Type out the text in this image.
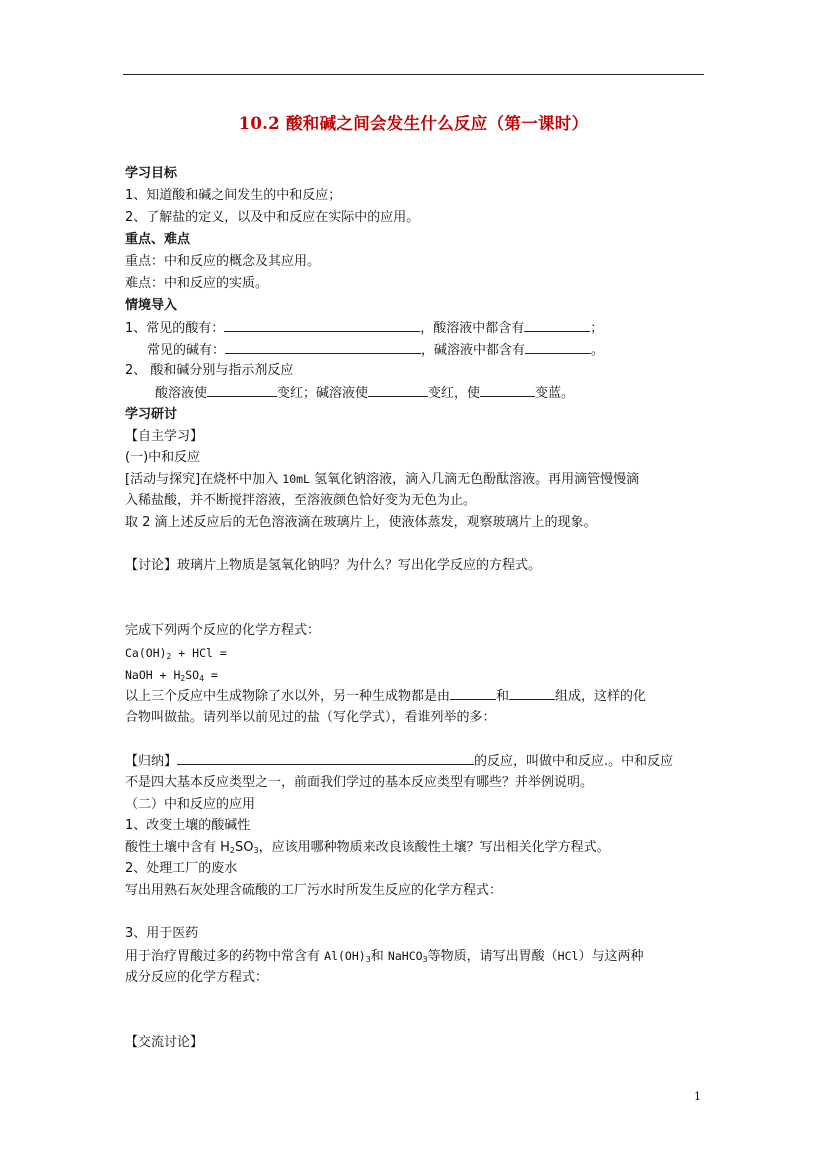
10.2 酸和碱之间会发生什么反应（第一课时）
学习目标
1、知道酸和碱之间发生的中和反应；
2、了解盐的定义，以及中和反应在实际中的应用。
重点、难点
重点：中和反应的概念及其应用。
难点：中和反应的实质。
情境导入
1、常见的酸有：	，酸溶液中都含有	；
常见的碱有：	，碱溶液中都含有	。
2、 酸和碱分别与指示剂反应
酸溶液使	变红；碱溶液使	变红，使	变蓝。
学习研讨
【自主学习】
(一)中和反应
[活动与探究]在烧杯中加入 10mL 氢氧化钠溶液，滴入几滴无色酚酞溶液。再用滴管慢慢滴
入稀盐酸，并不断搅拌溶液，至溶液颜色恰好变为无色为止。
取 2 滴上述反应后的无色溶液滴在玻璃片上，使液体蒸发，观察玻璃片上的现象。
【讨论】玻璃片上物质是氢氧化钠吗？为什么？写出化学反应的方程式。
完成下列两个反应的化学方程式：
$Ca(OH)_2$ + HCl =
NaOH + $H_2SO_4$ =
以上三个反应中生成物除了水以外，另一种生成物都是由	和	组成，这样的化
合物叫做盐。请列举以前见过的盐（写化学式），看谁列举的多：
【归纳】	的反应，叫做中和反应.。中和反应
不是四大基本反应类型之一，前面我们学过的基本反应类型有哪些？并举例说明。
（二）中和反应的应用
1、改变土壤的酸碱性
酸性土壤中含有 $H_2SO_3$，应该用哪种物质来改良该酸性土壤？写出相关化学方程式。
2、处理工厂的废水
写出用熟石灰处理含硫酸的工厂污水时所发生反应的化学方程式：
3、用于医药
用于治疗胃酸过多的药物中常含有 $Al(OH)_3$和 NaHCO$_3$等物质，请写出胃酸（HCl）与这两种
成分反应的化学方程式：
【交流讨论】
1
